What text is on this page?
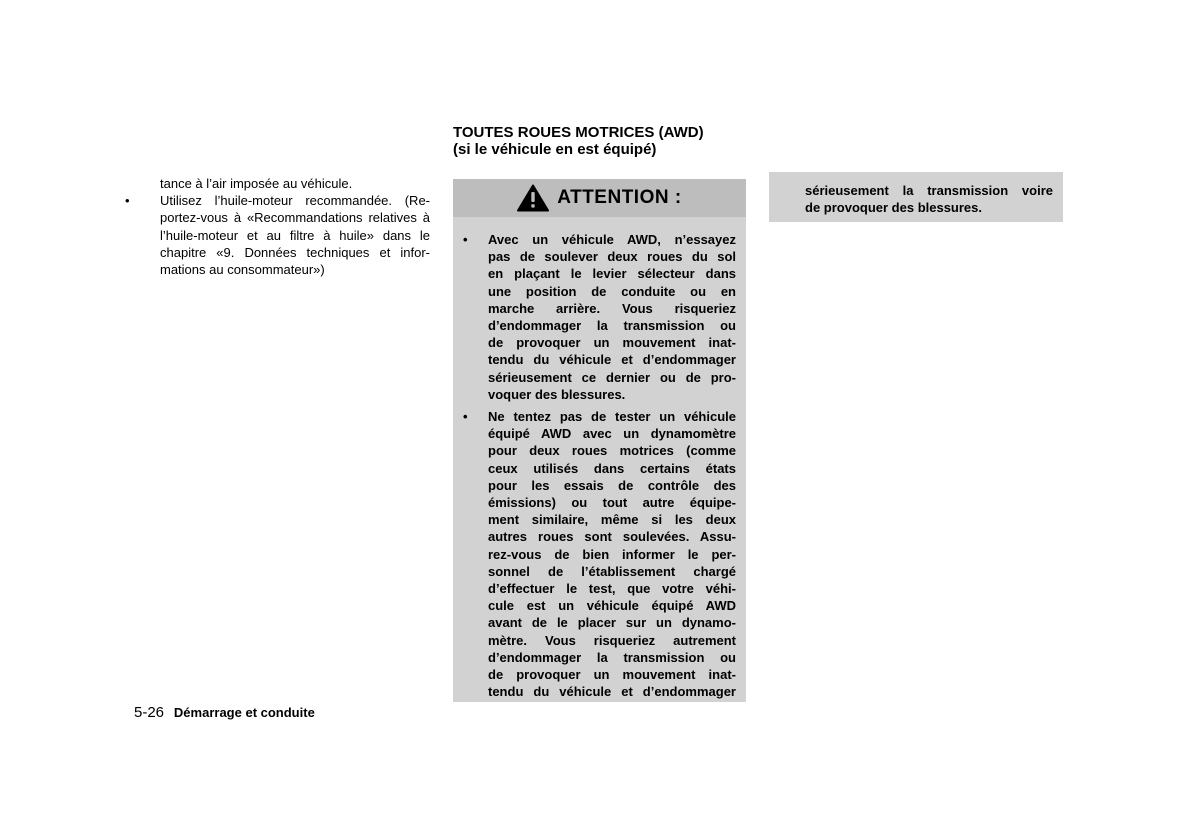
tance à l’air imposée au véhicule.

• Utilisez l’huile-moteur recommandée. (Re-
portez-vous à «Recommandations relatives à
l’huile-moteur et au filtre à huile» dans le
chapitre «9. Données techniques et infor-
mations au consommateur»)
TOUTES ROUES MOTRICES (AWD)
(si le véhicule en est équipé)
ATTENTION :
• Avec un véhicule AWD, n’essayez
pas de soulever deux roues du sol
en plaçant le levier sélecteur dans
une position de conduite ou en
marche arrière. Vous risqueriez
d’endommager la transmission ou
de provoquer un mouvement inat-
tendu du véhicule et d’endommager
sérieusement ce dernier ou de pro-
voquer des blessures.
• Ne tentez pas de tester un véhicule
équipé AWD avec un dynamomètre
pour deux roues motrices (comme
ceux utilisés dans certains états
pour les essais de contrôle des
émissions) ou tout autre équipe-
ment similaire, même si les deux
autres roues sont soulevées. Assu-
rez-vous de bien informer le per-
sonnel de l’établissement chargé
d’effectuer le test, que votre véhi-
cule est un véhicule équipé AWD
avant de le placer sur un dynamo-
mètre. Vous risqueriez autrement
d’endommager la transmission ou
de provoquer un mouvement inat-
tendu du véhicule et d’endommager
sérieusement la transmission voire
de provoquer des blessures.
5-26 Démarrage et conduite
